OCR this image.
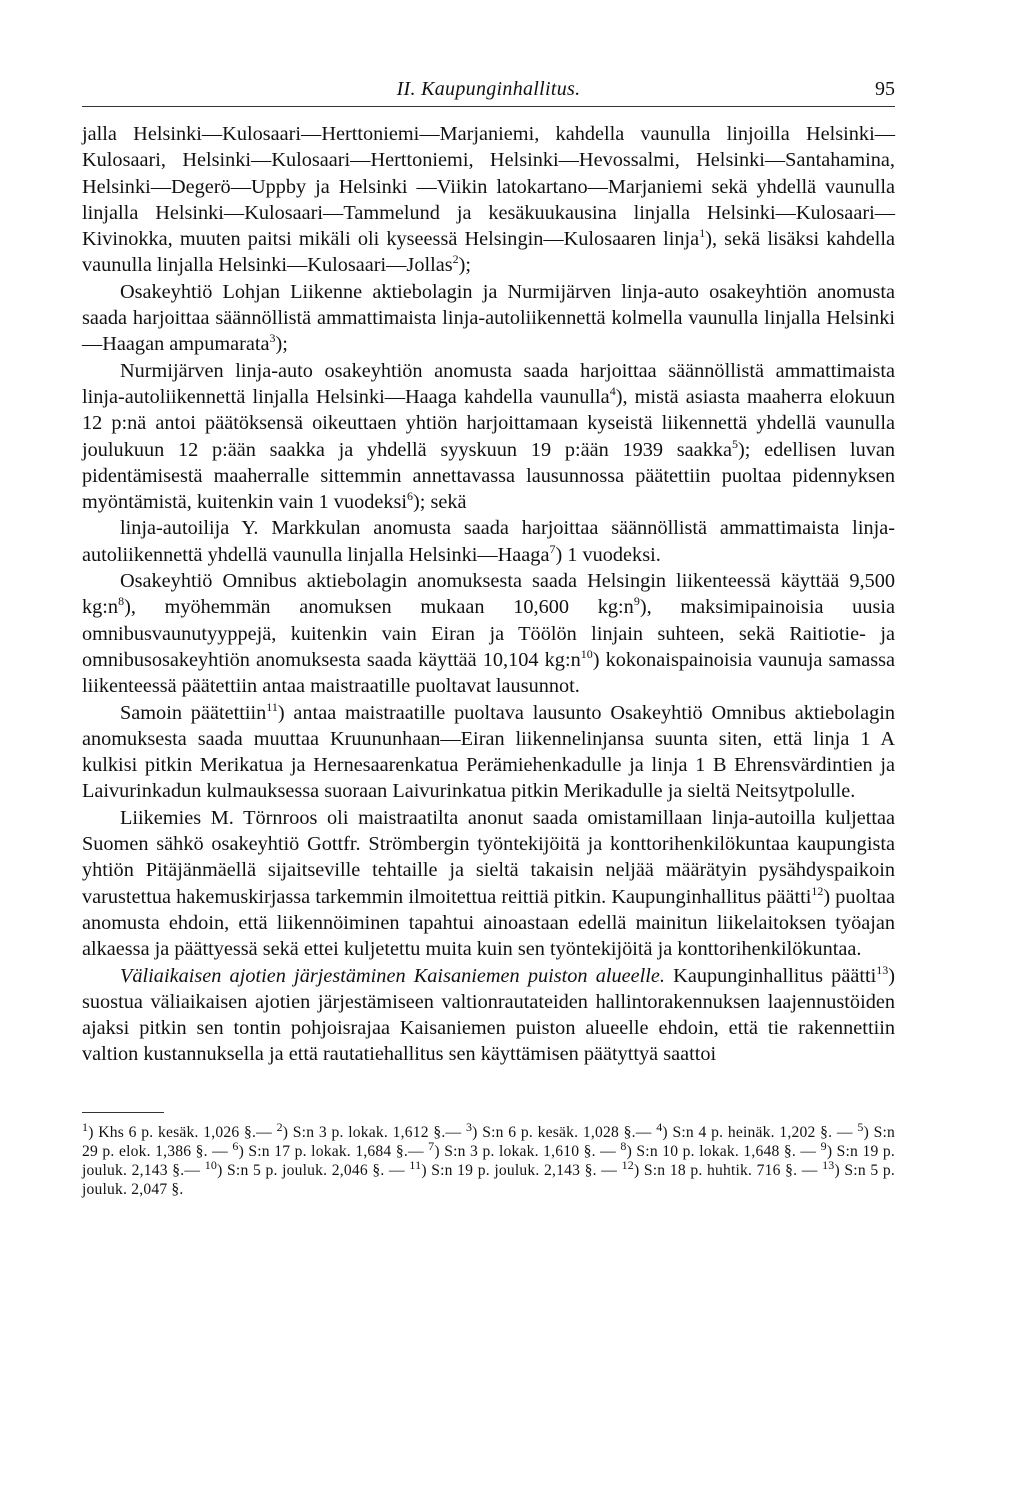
II. Kaupunginhallitus.	95

jalla Helsinki—Kulosaari—Herttoniemi—Marjaniemi, kahdella vaunulla linjoilla Helsinki—Kulosaari, Helsinki—Kulosaari—Herttoniemi, Helsinki—Hevossalmi, Helsinki—Santahamina, Helsinki—Degerö—Uppby ja Helsinki —Viikin latokartano—Marjaniemi sekä yhdellä vaunulla linjalla Helsinki—Kulosaari—Tammelund ja kesäkuukausina linjalla Helsinki—Kulosaari—Kivinokka, muuten paitsi mikäli oli kyseessä Helsingin—Kulosaaren linja$^1$), sekä lisäksi kahdella vaunulla linjalla Helsinki—Kulosaari—Jollas$^2$);

Osakeyhtiö Lohjan Liikenne aktiebolagin ja Nurmijärven linja-auto osakeyhtiön anomusta saada harjoittaa säännöllistä ammattimaista linja-autoliikennettä kolmella vaunulla linjalla Helsinki—Haagan ampumarata$^3$);

Nurmijärven linja-auto osakeyhtiön anomusta saada harjoittaa säännöllistä ammattimaista linja-autoliikennettä linjalla Helsinki—Haaga kahdella vaunulla$^4$), mistä asiasta maaherra elokuun 12 p:nä antoi päätöksensä oikeuttaen yhtiön harjoittamaan kyseistä liikennettä yhdellä vaunulla joulukuun 12 p:ään saakka ja yhdellä syyskuun 19 p:ään 1939 saakka$^5$); edellisen luvan pidentämisestä maaherralle sittemmin annettavassa lausunnossa päätettiin puoltaa pidennyksen myöntämistä, kuitenkin vain 1 vuodeksi$^6$); sekä

linja-autoilija Y. Markkulan anomusta saada harjoittaa säännöllistä ammattimaista linja-autoliikennettä yhdellä vaunulla linjalla Helsinki—Haaga$^7$) 1 vuodeksi.

Osakeyhtiö Omnibus aktiebolagin anomuksesta saada Helsingin liikenteessä käyttää 9,500 $kg:n^8$), myöhemmän anomuksen mukaan 10,600 $kg:n^9$), maksimipainoisia uusia omnibusvaunutyyppejä, kuitenkin vain Eiran ja Töölön linjain suhteen, sekä Raitiotie- ja omnibusosakeyhtiön anomuksesta saada käyttää 10,104 $kg:n^{10}$) kokonaispainoisia vaunuja samassa liikenteessä päätettiin antaa maistraatille puoltavat lausunnot.

Samoin päätettiin$^{11}$) antaa maistraatille puoltava lausunto Osakeyhtiö Omnibus aktiebolagin anomuksesta saada muuttaa Kruununhaan—Eiran liikennelinjansa suunta siten, että linja 1 A kulkisi pitkin Merikatua ja Hernesaarenkatua Perämiehenkadulle ja linja 1 B Ehrensvärdintien ja Laivurinkadun kulmauksessa suoraan Laivurinkatua pitkin Merikadulle ja sieltä Neitsytpolulle.

Liikemies M. Törnroos oli maistraatilta anonut saada omistamillaan linja-autoilla kuljettaa Suomen sähkö osakeyhtiö Gottfr. Strömbergin työntekijöitä ja konttorihenkilökuntaa kaupungista yhtiön Pitäjänmäellä sijaitseville tehtaille ja sieltä takaisin neljää määrätyin pysähdyspaikoin varustettua hakemuskirjassa tarkemmin ilmoitettua reittiä pitkin. Kaupunginhallitus päätti$^{12}$) puoltaa anomusta ehdoin, että liikennöiminen tapahtui ainoastaan edellä mainitun liikelaitoksen työajan alkaessa ja päättyessä sekä ettei kuljetettu muita kuin sen työntekijöitä ja konttorihenkilökuntaa.

Väliaikaisen ajotien järjestäminen Kaisaniemen puiston alueelle. Kaupunginhallitus päätti$^{13}$) suostua väliaikaisen ajotien järjestämiseen valtionrautateiden hallintorakennuksen laajennustöiden ajaksi pitkin sen tontin pohjoisrajaa Kaisaniemen puiston alueelle ehdoin, että tie rakennettiin valtion kustannuksella ja että rautatiehallitus sen käyttämisen päätyttyä saattoi

$^1$) Khs 6 p. kesäk. 1,026 §.— $^2$) S:n 3 p. lokak. 1,612 §.— $^3$) S:n 6 p. kesäk. 1,028 §.— $^4$) S:n 4 p. heinäk. 1,202 §. — $^5$) S:n 29 p. elok. 1,386 §. — $^6$) S:n 17 p. lokak. 1,684 §.— $^7$) S:n 3 p. lokak. 1,610 §. — $^8$) S:n 10 p. lokak. 1,648 §. — $^9$) S:n 19 p. jouluk. 2,143 §.— $^{10}$) S:n 5 p. jouluk. 2,046 §. — $^{11}$) S:n 19 p. jouluk. 2,143 §. — $^{12}$) S:n 18 p. huhtik. 716 §. — $^{13}$) S:n 5 p. jouluk. 2,047 §.
